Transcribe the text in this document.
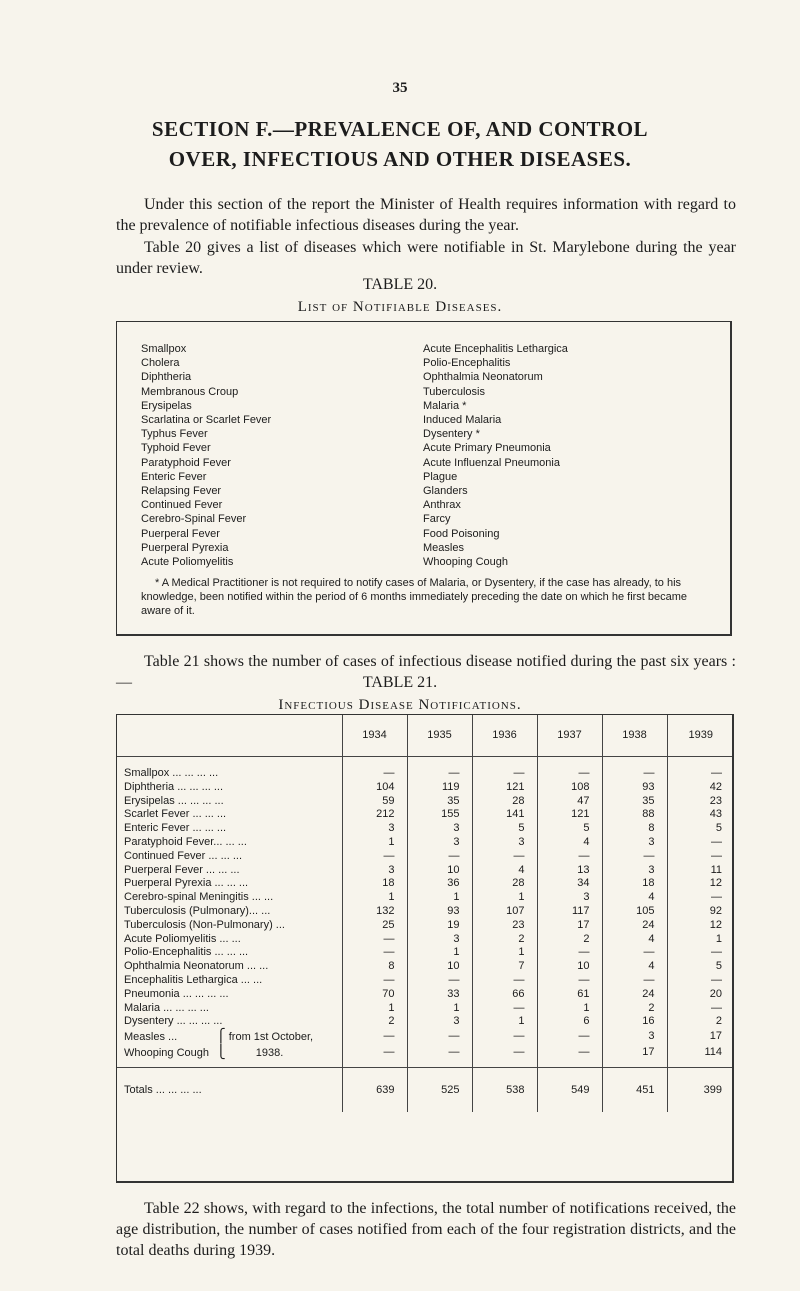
35
SECTION F.—PREVALENCE OF, AND CONTROL
OVER, INFECTIOUS AND OTHER DISEASES.

Under this section of the report the Minister of Health requires information with regard to the prevalence of notifiable infectious diseases during the year.

Table 20 gives a list of diseases which were notifiable in St. Marylebone during the year under review.

TABLE 20.
List of Notifiable Diseases.
Smallpox
Cholera
Diphtheria
Membranous Croup
Erysipelas
Scarlatina or Scarlet Fever
Typhus Fever
Typhoid Fever
Paratyphoid Fever
Enteric Fever
Relapsing Fever
Continued Fever
Cerebro-Spinal Fever
Puerperal Fever
Puerperal Pyrexia
Acute Poliomyelitis
Acute Encephalitis Lethargica
Polio-Encephalitis
Ophthalmia Neonatorum
Tuberculosis
Malaria *
Induced Malaria
Dysentery *
Acute Primary Pneumonia
Acute Influenzal Pneumonia
Plague
Glanders
Anthrax
Farcy
Food Poisoning
Measles
Whooping Cough

* A Medical Practitioner is not required to notify cases of Malaria, or Dysentery, if the case has already, to his knowledge, been notified within the period of 6 months immediately preceding the date on which he first became aware of it.

Table 21 shows the number of cases of infectious disease notified during the past six years :—	TABLE 21.
Infectious Disease Notifications.
	1934	1935	1936	1937	1938	1939
Smallpox ... ... ... ...	—	—	—	—	—	—
Diphtheria ... ... ... ...	104	119	121	108	93	42
Erysipelas ... ... ... ...	59	35	28	47	35	23
Scarlet Fever ... ... ...	212	155	141	121	88	43
Enteric Fever ... ... ...	3	3	5	5	8	5
Paratyphoid Fever... ... ...	1	3	3	4	3	—
Continued Fever ... ... ...	—	—	—	—	—	—
Puerperal Fever ... ... ...	3	10	4	13	3	11
Puerperal Pyrexia ... ... ...	18	36	28	34	18	12
Cerebro-spinal Meningitis ... ...	1	1	1	3	4	—
Tuberculosis (Pulmonary)... ...	132	93	107	117	105	92
Tuberculosis (Non-Pulmonary) ...	25	19	23	17	24	12
Acute Poliomyelitis ... ...	—	3	2	2	4	1
Polio-Encephalitis ... ... ...	—	1	1	—	—	—
Ophthalmia Neonatorum ... ...	8	10	7	10	4	5
Encephalitis Lethargica ... ...	—	—	—	—	—	—
Pneumonia ... ... ... ...	70	33	66	61	24	20
Malaria ... ... ... ...	1	1	—	1	2	—
Dysentery ... ... ... ...	2	3	1	6	16	2
Measles ... ⎧ from 1st October,	—	—	—	—	3	17
Whooping Cough ⎩ 1938.	—	—	—	—	17	114
Totals ... ... ... ...	639	525	538	549	451	399

Table 22 shows, with regard to the infections, the total number of notifications received, the age distribution, the number of cases notified from each of the four registration districts, and the total deaths during 1939.
